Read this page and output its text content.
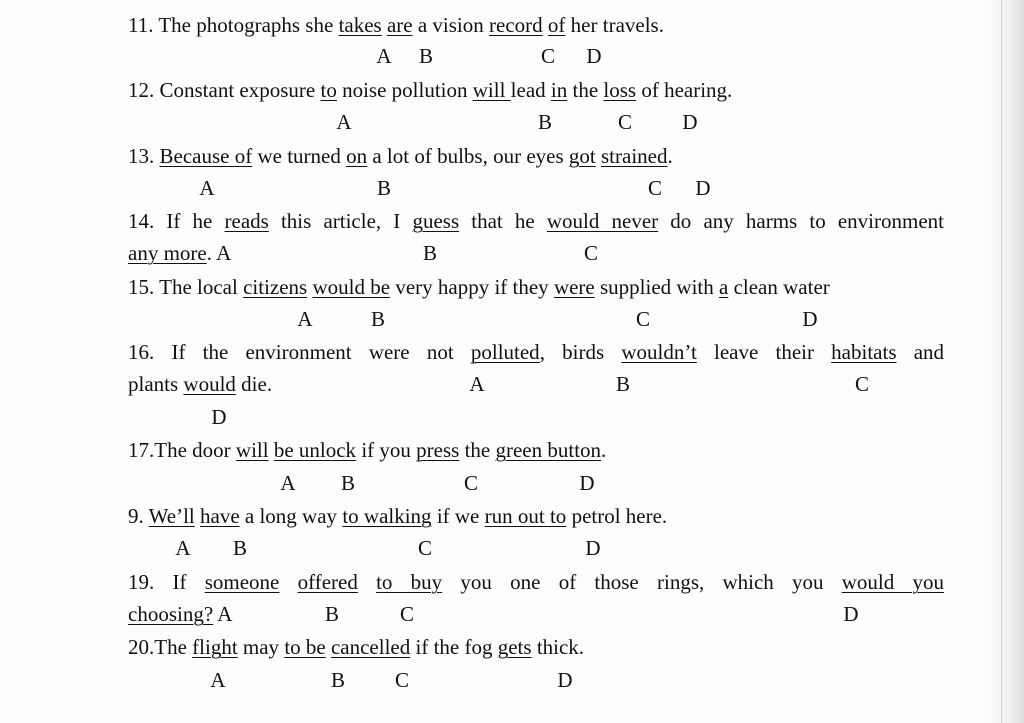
11. The photographs she takes are a vision record of her travels.
A B	C D
12. Constant exposure to noise pollution will lead in the loss of hearing.
A	B	C D
13. Because of we turned on a lot of bulbs, our eyes got strained.
A	B	C D
14. If he reads this article, I guess that he would never do any harms to environment
any more. A	B	C
15. The local citizens would be very happy if they were supplied with a clean water
A	B	C	D
16. If the environment were not polluted, birds wouldn’t leave their habitats and
plants would die.	A	B	C
D
17.The door will be unlock if you press the green button.
A B	C	D
9. We’ll have a long way to walking if we run out to petrol here.
A B	C	D
19. If someone offered to buy you one of those rings, which you would you
choosing? A	B	C	D
20.The flight may to be cancelled if the fog gets thick.
A	B C	D
